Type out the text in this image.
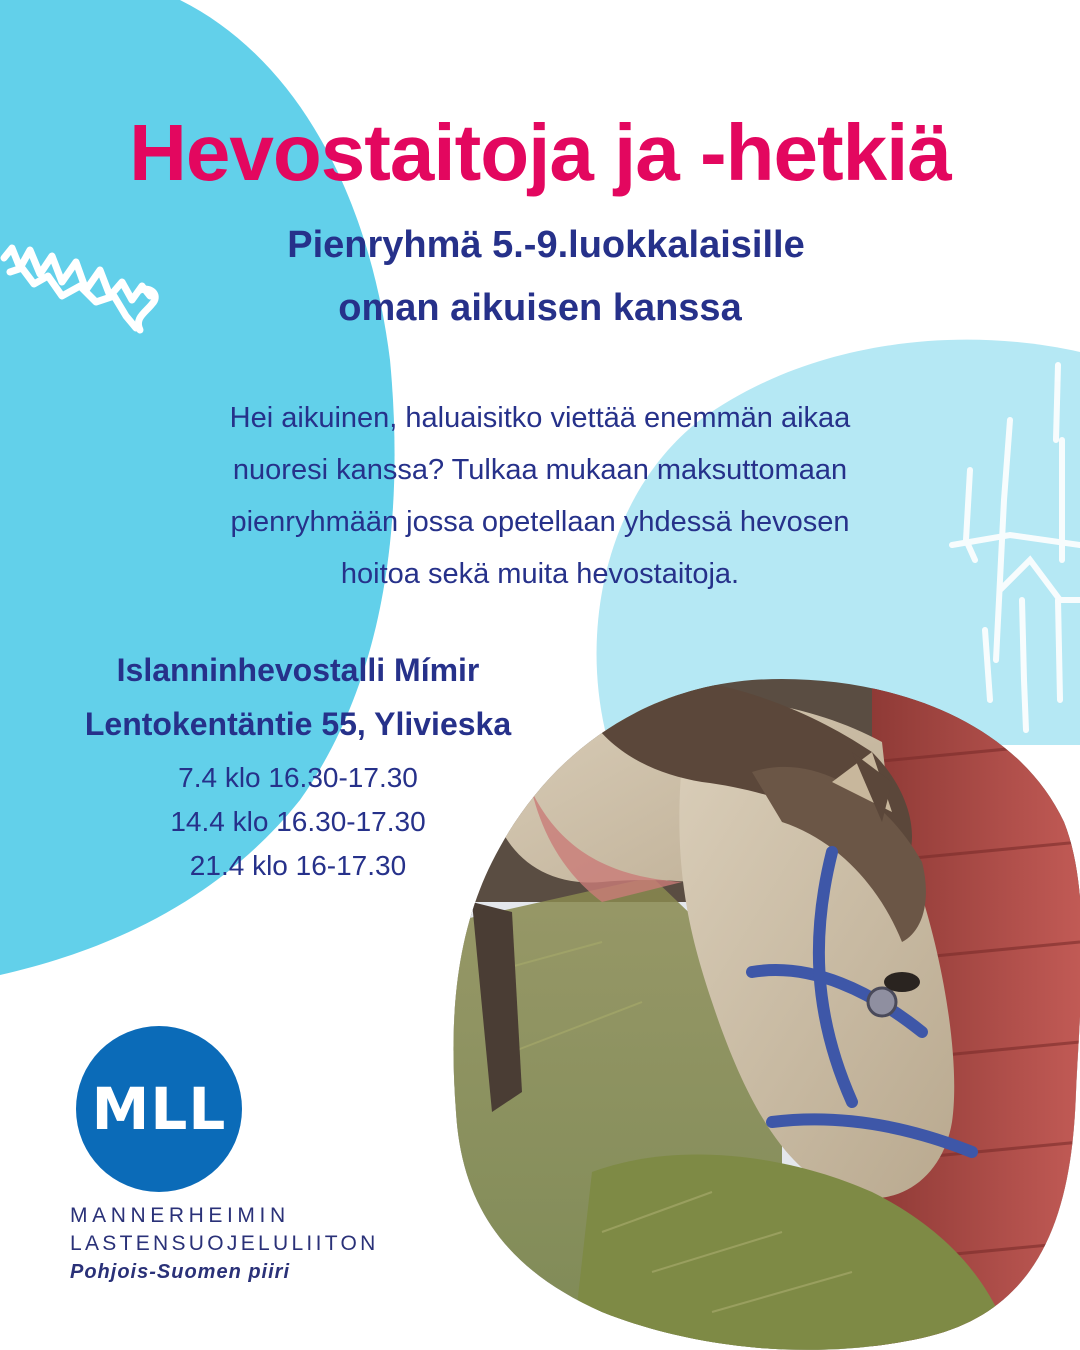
Hevostaitoja ja -hetkiä

Pienryhmä 5.-9.luokkalaisille

oman aikuisen kanssa

Hei aikuinen, haluaisitko viettää enemmän aikaa

nuoresi kanssa? Tulkaa mukaan maksuttomaan

pienryhmään jossa opetellaan yhdessä hevosen

hoitoa sekä muita hevostaitoja.

Islanninhevostalli Mímir

Lentokentäntie 55, Ylivieska

7.4 klo 16.30-17.30

14.4 klo 16.30-17.30

21.4 klo 16-17.30

MLL

MANNERHEIMIN

LASTENSUOJELULIITON

Pohjois-Suomen piiri
